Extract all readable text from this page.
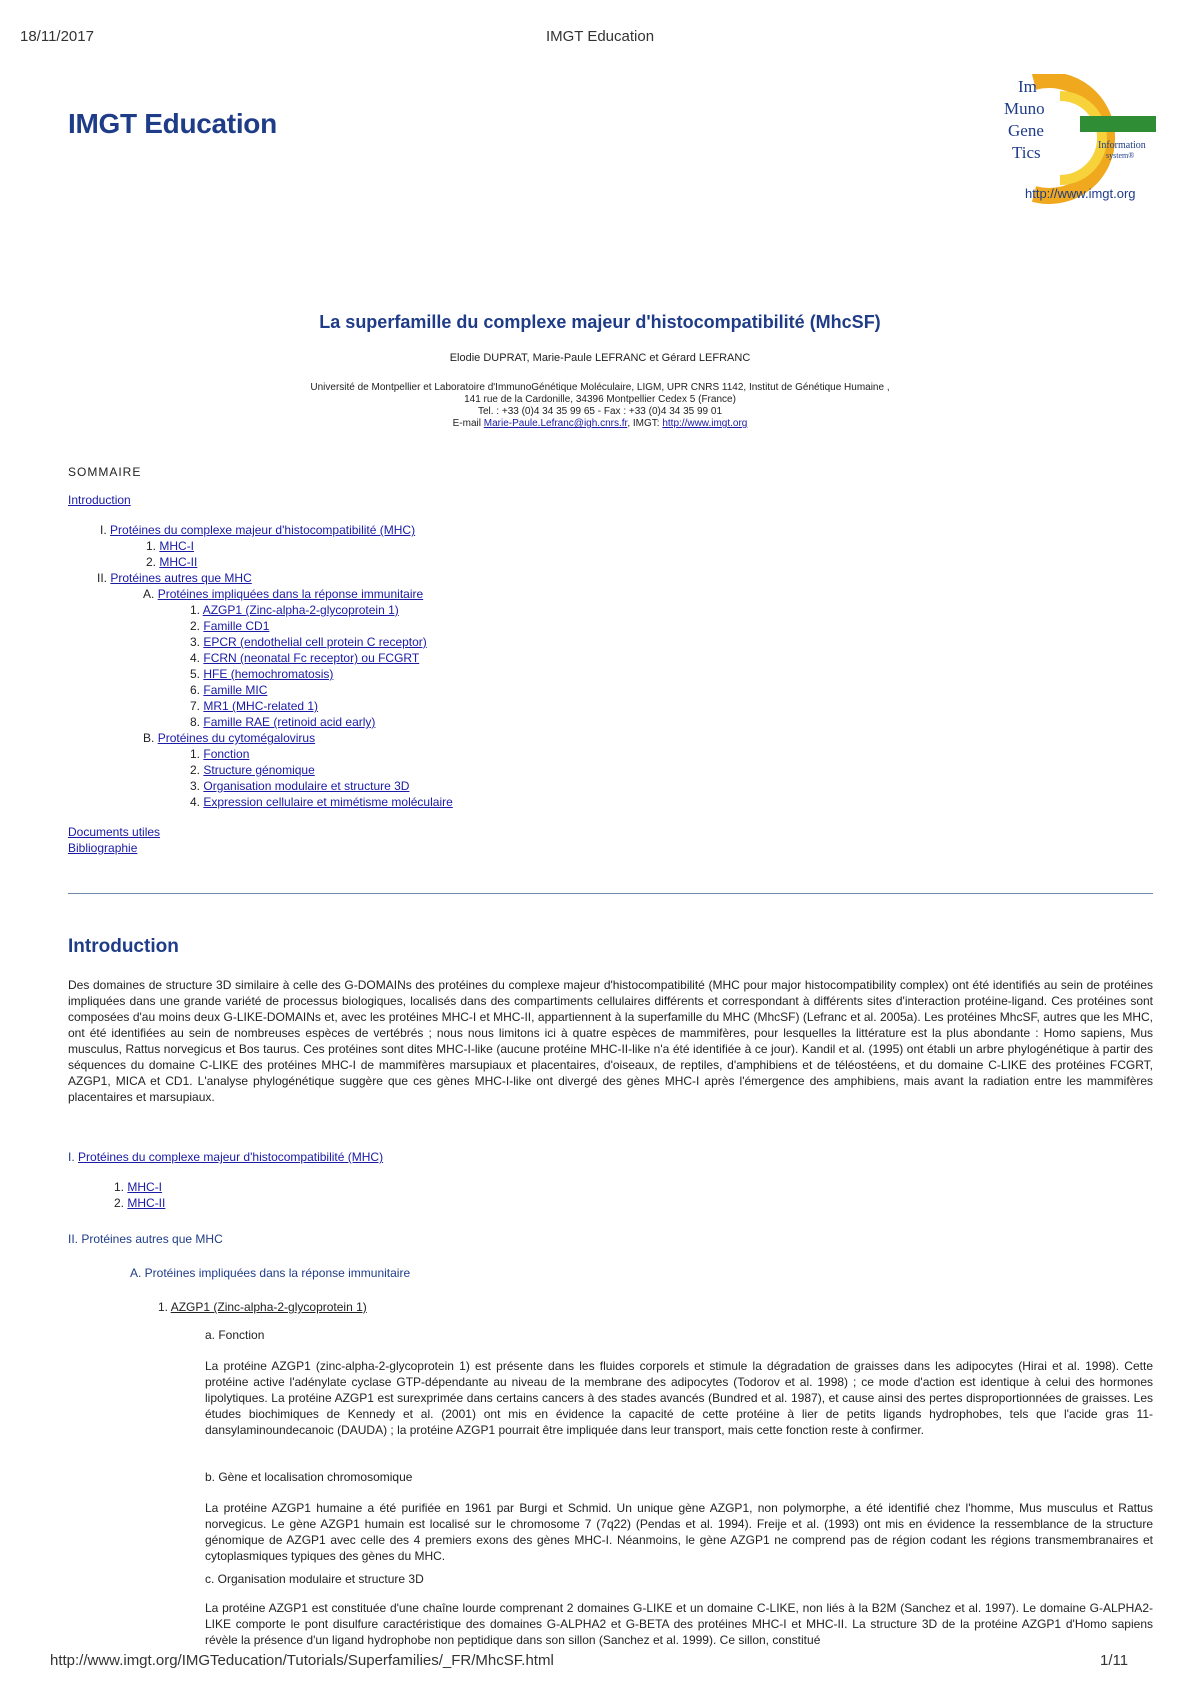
18/11/2017	IMGT Education
IMGT Education
Im
Muno
Gene
Tics	Information
system®
http://www.imgt.org
La superfamille du complexe majeur d'histocompatibilité (MhcSF)
Elodie DUPRAT, Marie-Paule LEFRANC et Gérard LEFRANC
Université de Montpellier et Laboratoire d'ImmunoGénétique Moléculaire, LIGM, UPR CNRS 1142, Institut de Génétique Humaine ,
141 rue de la Cardonille, 34396 Montpellier Cedex 5 (France)
Tel. : +33 (0)4 34 35 99 65 - Fax : +33 (0)4 34 35 99 01
E-mail Marie-Paule.Lefranc@igh.cnrs.fr, IMGT: http://www.imgt.org
SOMMAIRE
Introduction
I. Protéines du complexe majeur d'histocompatibilité (MHC)
1. MHC-I
2. MHC-II
II. Protéines autres que MHC
A. Protéines impliquées dans la réponse immunitaire
1. AZGP1 (Zinc-alpha-2-glycoprotein 1)
2. Famille CD1
3. EPCR (endothelial cell protein C receptor)
4. FCRN (neonatal Fc receptor) ou FCGRT
5. HFE (hemochromatosis)
6. Famille MIC
7. MR1 (MHC-related 1)
8. Famille RAE (retinoid acid early)
B. Protéines du cytomégalovirus
1. Fonction
2. Structure génomique
3. Organisation modulaire et structure 3D
4. Expression cellulaire et mimétisme moléculaire
Documents utiles
Bibliographie
Introduction
Des domaines de structure 3D similaire à celle des G-DOMAINs des protéines du complexe majeur d'histocompatibilité (MHC pour major histocompatibility complex) ont été identifiés au sein de protéines impliquées dans une grande variété de processus biologiques, localisés dans des compartiments cellulaires différents et correspondant à différents sites d'interaction protéine-ligand. Ces protéines sont composées d'au moins deux G-LIKE-DOMAINs et, avec les protéines MHC-I et MHC-II, appartiennent à la superfamille du MHC (MhcSF) (Lefranc et al. 2005a). Les protéines MhcSF, autres que les MHC, ont été identifiées au sein de nombreuses espèces de vertébrés ; nous nous limitons ici à quatre espèces de mammifères, pour lesquelles la littérature est la plus abondante : Homo sapiens, Mus musculus, Rattus norvegicus et Bos taurus. Ces protéines sont dites MHC-I-like (aucune protéine MHC-II-like n'a été identifiée à ce jour). Kandil et al. (1995) ont établi un arbre phylogénétique à partir des séquences du domaine C-LIKE des protéines MHC-I de mammifères marsupiaux et placentaires, d'oiseaux, de reptiles, d'amphibiens et de téléostéens, et du domaine C-LIKE des protéines FCGRT, AZGP1, MICA et CD1. L'analyse phylogénétique suggère que ces gènes MHC-I-like ont divergé des gènes MHC-I après l'émergence des amphibiens, mais avant la radiation entre les mammifères placentaires et marsupiaux.
I. Protéines du complexe majeur d'histocompatibilité (MHC)
1. MHC-I
2. MHC-II
II. Protéines autres que MHC
A. Protéines impliquées dans la réponse immunitaire
1. AZGP1 (Zinc-alpha-2-glycoprotein 1)
a. Fonction
La protéine AZGP1 (zinc-alpha-2-glycoprotein 1) est présente dans les fluides corporels et stimule la dégradation de graisses dans les adipocytes (Hirai et al. 1998). Cette protéine active l'adénylate cyclase GTP-dépendante au niveau de la membrane des adipocytes (Todorov et al. 1998) ; ce mode d'action est identique à celui des hormones lipolytiques. La protéine AZGP1 est surexprimée dans certains cancers à des stades avancés (Bundred et al. 1987), et cause ainsi des pertes disproportionnées de graisses. Les études biochimiques de Kennedy et al. (2001) ont mis en évidence la capacité de cette protéine à lier de petits ligands hydrophobes, tels que l'acide gras 11-dansylaminoundecanoic (DAUDA) ; la protéine AZGP1 pourrait être impliquée dans leur transport, mais cette fonction reste à confirmer.
b. Gène et localisation chromosomique
La protéine AZGP1 humaine a été purifiée en 1961 par Burgi et Schmid. Un unique gène AZGP1, non polymorphe, a été identifié chez l'homme, Mus musculus et Rattus norvegicus. Le gène AZGP1 humain est localisé sur le chromosome 7 (7q22) (Pendas et al. 1994). Freije et al. (1993) ont mis en évidence la ressemblance de la structure génomique de AZGP1 avec celle des 4 premiers exons des gènes MHC-I. Néanmoins, le gène AZGP1 ne comprend pas de région codant les régions transmembranaires et cytoplasmiques typiques des gènes du MHC.
c. Organisation modulaire et structure 3D
La protéine AZGP1 est constituée d'une chaîne lourde comprenant 2 domaines G-LIKE et un domaine C-LIKE, non liés à la B2M (Sanchez et al. 1997). Le domaine G-ALPHA2-LIKE comporte le pont disulfure caractéristique des domaines G-ALPHA2 et G-BETA des protéines MHC-I et MHC-II. La structure 3D de la protéine AZGP1 d'Homo sapiens révèle la présence d'un ligand hydrophobe non peptidique dans son sillon (Sanchez et al. 1999). Ce sillon, constitué
http://www.imgt.org/IMGTeducation/Tutorials/Superfamilies/_FR/MhcSF.html	1/11
